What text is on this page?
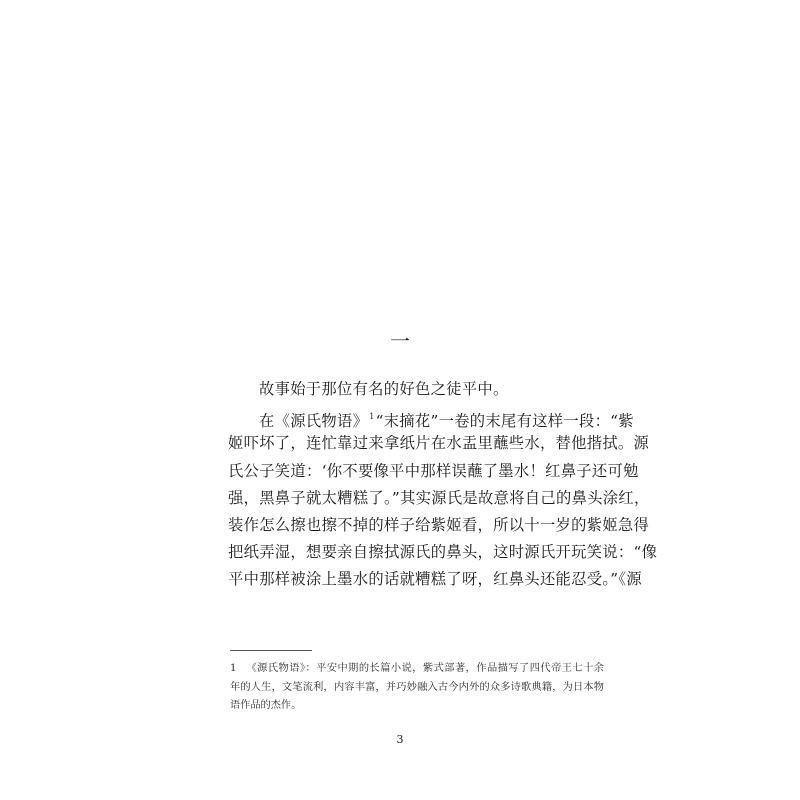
一
故事始于那位有名的好色之徒平中。
在《源氏物语》$^1$“末摘花”一卷的末尾有这样一段：“紫
姬吓坏了，连忙靠过来拿纸片在水盂里蘸些水，替他揩拭。源
氏公子笑道：‘你不要像平中那样误蘸了墨水！红鼻子还可勉
强，黑鼻子就太糟糕了。”其实源氏是故意将自己的鼻头涂红，
装作怎么擦也擦不掉的样子给紫姬看，所以十一岁的紫姬急得
把纸弄湿，想要亲自擦拭源氏的鼻头，这时源氏开玩笑说：“像
平中那样被涂上墨水的话就糟糕了呀，红鼻头还能忍受。”《源
1 《源氏物语》：平安中期的长篇小说，紫式部著，作品描写了四代帝王七十余
年的人生，文笔流利，内容丰富，并巧妙融入古今内外的众多诗歌典籍，为日本物
语作品的杰作。
3
